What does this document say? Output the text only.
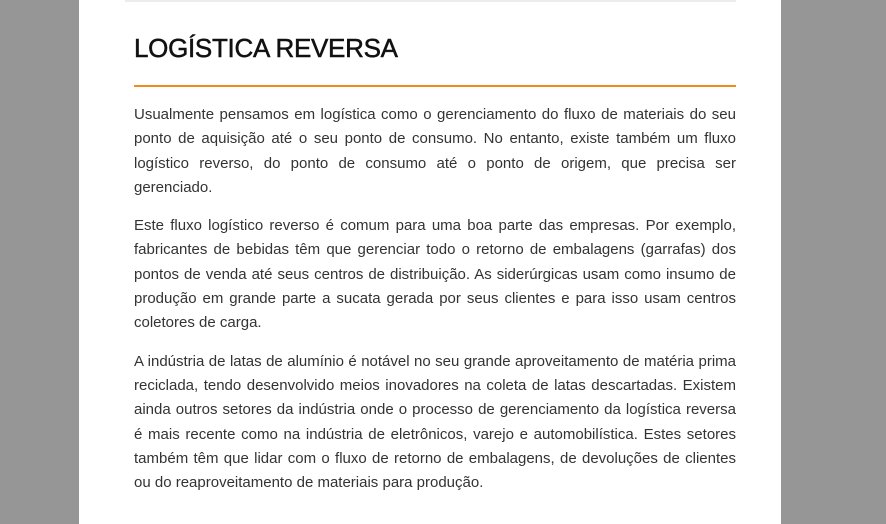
LOGÍSTICA REVERSA

Usualmente pensamos em logística como o gerenciamento do fluxo de materiais do seu ponto de aquisição até o seu ponto de consumo. No entanto, existe também um fluxo logístico reverso, do ponto de consumo até o ponto de origem, que precisa ser gerenciado.

Este fluxo logístico reverso é comum para uma boa parte das empresas. Por exemplo, fabricantes de bebidas têm que gerenciar todo o retorno de embalagens (garrafas) dos pontos de venda até seus centros de distribuição. As siderúrgicas usam como insumo de produção em grande parte a sucata gerada por seus clientes e para isso usam centros coletores de carga.

A indústria de latas de alumínio é notável no seu grande aproveitamento de matéria prima reciclada, tendo desenvolvido meios inovadores na coleta de latas descartadas. Existem ainda outros setores da indústria onde o processo de gerenciamento da logística reversa é mais recente como na indústria de eletrônicos, varejo e automobilística. Estes setores também têm que lidar com o fluxo de retorno de embalagens, de devoluções de clientes ou do reaproveitamento de materiais para produção.
